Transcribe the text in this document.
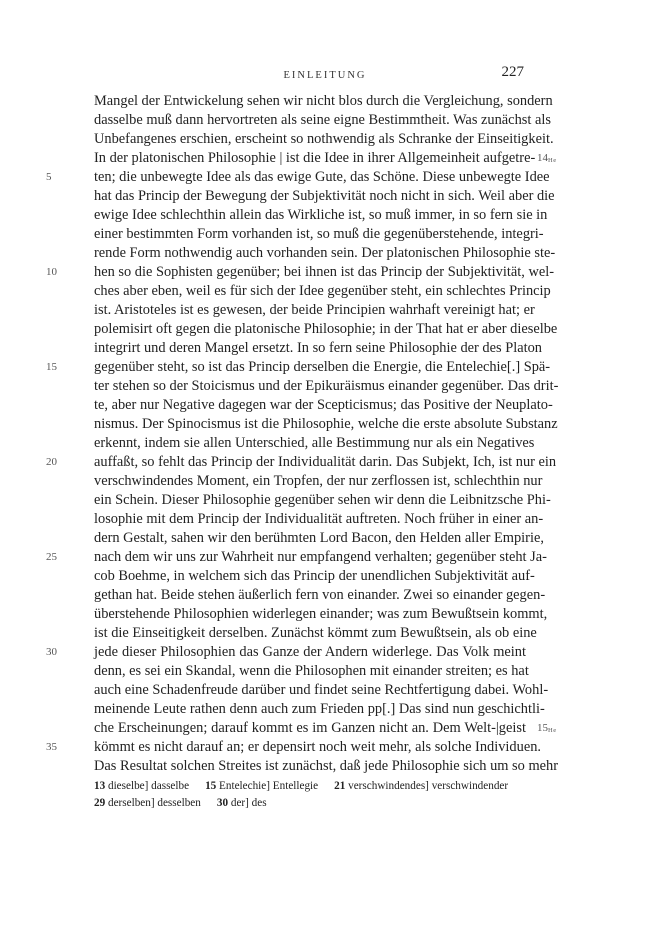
EINLEITUNG	227
Mangel der Entwickelung sehen wir nicht blos durch die Vergleichung, sondern
dasselbe muß dann hervortreten als seine eigne Bestimmtheit. Was zunächst als
Unbefangenes erschien, erscheint so nothwendig als Schranke der Einseitigkeit.
In der platonischen Philosophie | ist die Idee in ihrer Allgemeinheit aufgetre- $14_{He}$
5	ten; die unbewegte Idee als das ewige Gute, das Schöne. Diese unbewegte Idee
hat das Princip der Bewegung der Subjektivität noch nicht in sich. Weil aber die
ewige Idee schlechthin allein das Wirkliche ist, so muß immer, in so fern sie in
einer bestimmten Form vorhanden ist, so muß die gegenüberstehende, integri-
rende Form nothwendig auch vorhanden sein. Der platonischen Philosophie ste-
10	hen so die Sophisten gegenüber; bei ihnen ist das Princip der Subjektivität, wel-
ches aber eben, weil es für sich der Idee gegenüber steht, ein schlechtes Princip
ist. Aristoteles ist es gewesen, der beide Principien wahrhaft vereinigt hat; er
polemisirt oft gegen die platonische Philosophie; in der That hat er aber dieselbe
integrirt und deren Mangel ersetzt. In so fern seine Philosophie der des Platon
15	gegenüber steht, so ist das Princip derselben die Energie, die Entelechie[.] Spä-
ter stehen so der Stoicismus und der Epikuräismus einander gegenüber. Das drit-
te, aber nur Negative dagegen war der Scepticismus; das Positive der Neuplato-
nismus. Der Spinocismus ist die Philosophie, welche die erste absolute Substanz
erkennt, indem sie allen Unterschied, alle Bestimmung nur als ein Negatives
20	auffaßt, so fehlt das Princip der Individualität darin. Das Subjekt, Ich, ist nur ein
verschwindendes Moment, ein Tropfen, der nur zerflossen ist, schlechthin nur
ein Schein. Dieser Philosophie gegenüber sehen wir denn die Leibnitzsche Phi-
losophie mit dem Princip der Individualität auftreten. Noch früher in einer an-
dern Gestalt, sahen wir den berühmten Lord Bacon, den Helden aller Empirie,
25	nach dem wir uns zur Wahrheit nur empfangend verhalten; gegenüber steht Ja-
cob Boehme, in welchem sich das Princip der unendlichen Subjektivität auf-
gethan hat. Beide stehen äußerlich fern von einander. Zwei so einander gegen-
überstehende Philosophien widerlegen einander; was zum Bewußtsein kommt,
ist die Einseitigkeit derselben. Zunächst kömmt zum Bewußtsein, als ob eine
30	jede dieser Philosophien das Ganze der Andern widerlege. Das Volk meint
denn, es sei ein Skandal, wenn die Philosophen mit einander streiten; es hat
auch eine Schadenfreude darüber und findet seine Rechtfertigung dabei. Wohl-
meinende Leute rathen denn auch zum Frieden pp[.] Das sind nun geschichtli-
che Erscheinungen; darauf kommt es im Ganzen nicht an. Dem Welt-|geist $15_{He}$
35	kömmt es nicht darauf an; er depensirt noch weit mehr, als solche Individuen.
Das Resultat solchen Streites ist zunächst, daß jede Philosophie sich um so mehr
13 dieselbe] dasselbe 15 Entelechie] Entellegie 21 verschwindendes] verschwindender
29 derselben] desselben 30 der] des
